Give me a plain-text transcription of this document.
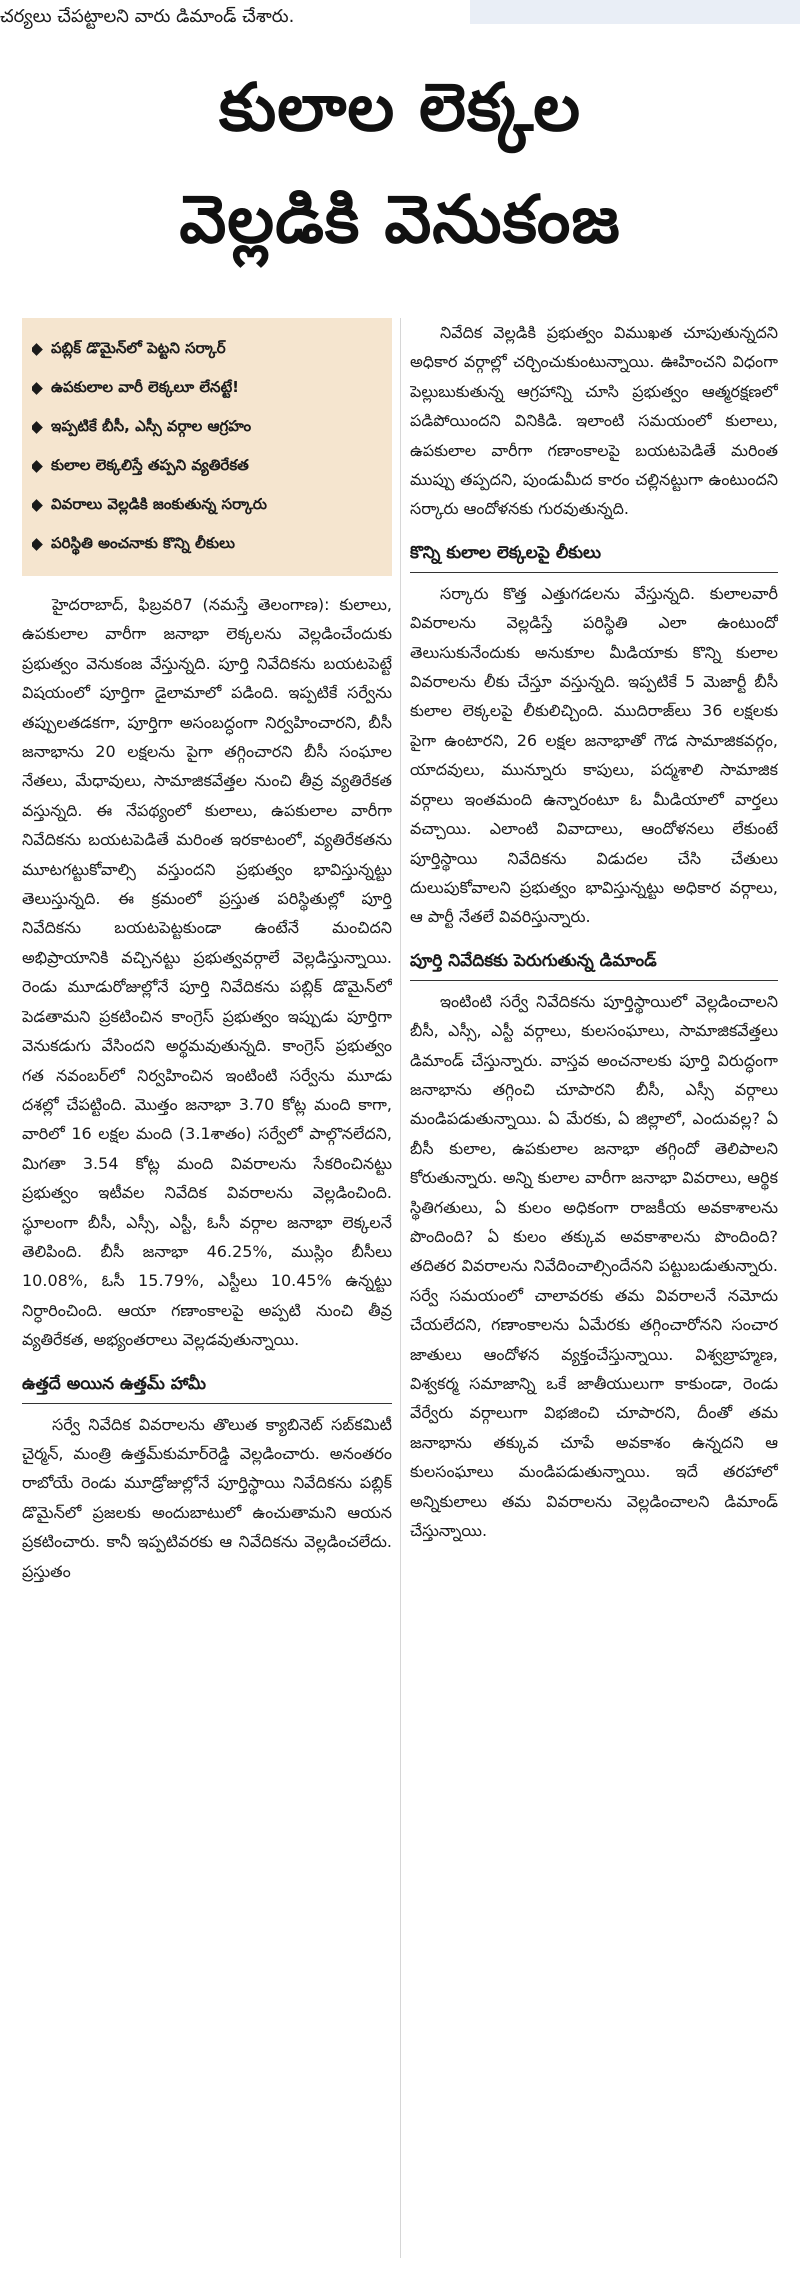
చర్యలు చేపట్టాలని వారు డిమాండ్ చేశారు.
కులాల లెక్కల
వెల్లడికి వెనుకంజ
పబ్లిక్ డొమైన్‌లో పెట్టని సర్కార్
ఉపకులాల వారీ లెక్కలూ లేనట్టే!
ఇప్పటికే బీసీ, ఎస్సీ వర్గాల ఆగ్రహం
కులాల లెక్కలిస్తే తప్పని వ్యతిరేకత
వివరాలు వెల్లడికి జంకుతున్న సర్కారు
పరిస్థితి అంచనాకు కొన్ని లీకులు

హైదరాబాద్, ఫిబ్రవరి7 (నమస్తే తెలంగాణ): కులాలు, ఉపకులాల వారీగా జనాభా లెక్కలను వెల్లడించేందుకు ప్రభుత్వం వెనుకంజ వేస్తున్నది. పూర్తి నివేదికను బయటపెట్టే విషయంలో పూర్తిగా డైలామాలో పడింది. ఇప్పటికే సర్వేను తప్పులతడకగా, పూర్తిగా అసంబద్ధంగా నిర్వహించారని, బీసీ జనాభాను 20 లక్షలను పైగా తగ్గించారని బీసీ సంఘాల నేతలు, మేధావులు, సామాజికవేత్తల నుంచి తీవ్ర వ్యతిరేకత వస్తున్నది. ఈ నేపథ్యంలో కులాలు, ఉపకులాల వారీగా నివేదికను బయటపెడితే మరింత ఇరకాటంలో, వ్యతిరేకతను మూటగట్టుకోవాల్సి వస్తుందని ప్రభుత్వం భావిస్తున్నట్టు తెలుస్తున్నది. ఈ క్రమంలో ప్రస్తుత పరిస్థితుల్లో పూర్తి నివేదికను బయటపెట్టకుండా ఉంటేనే మంచిదని అభిప్రాయానికి వచ్చినట్టు ప్రభుత్వవర్గాలే వెల్లడిస్తున్నాయి. రెండు మూడురోజుల్లోనే పూర్తి నివేదికను పబ్లిక్ డొమైన్‌లో పెడతామని ప్రకటించిన కాంగ్రెస్ ప్రభుత్వం ఇప్పుడు పూర్తిగా వెనుకడుగు వేసిందని అర్థమవుతున్నది. కాంగ్రెస్ ప్రభుత్వం గత నవంబర్‌లో నిర్వహించిన ఇంటింటి సర్వేను మూడు దశల్లో చేపట్టింది. మొత్తం జనాభా 3.70 కోట్ల మంది కాగా, వారిలో 16 లక్షల మంది (3.1శాతం) సర్వేలో పాల్గొనలేదని, మిగతా 3.54 కోట్ల మంది వివరాలను సేకరించినట్టు ప్రభుత్వం ఇటీవల నివేదిక వివరాలను వెల్లడించింది. స్థూలంగా బీసీ, ఎస్సీ, ఎస్టీ, ఓసీ వర్గాల జనాభా లెక్కలనే తెలిపింది. బీసీ జనాభా 46.25%, ముస్లిం బీసీలు 10.08%, ఓసీ 15.79%, ఎస్టీలు 10.45% ఉన్నట్టు నిర్ధారించింది. ఆయా గణాంకాలపై అప్పటి నుంచి తీవ్ర వ్యతిరేకత, అభ్యంతరాలు వెల్లడవుతున్నాయి.

ఉత్తదే అయిన ఉత్తమ్ హామీ

సర్వే నివేదిక వివరాలను తొలుత క్యాబినెట్ సబ్‌కమిటీ చైర్మన్, మంత్రి ఉత్తమ్‌కుమార్‌రెడ్డి వెల్లడించారు. అనంతరం రాబోయే రెండు మూడ్రోజుల్లోనే పూర్తిస్థాయి నివేదికను పబ్లిక్ డొమైన్‌లో ప్రజలకు అందుబాటులో ఉంచుతామని ఆయన ప్రకటించారు. కానీ ఇప్పటివరకు ఆ నివేదికను వెల్లడించలేదు. ప్రస్తుతం

నివేదిక వెల్లడికి ప్రభుత్వం విముఖత చూపుతున్నదని అధికార వర్గాల్లో చర్చించుకుంటున్నాయి. ఊహించని విధంగా పెల్లుబుకుతున్న ఆగ్రహాన్ని చూసి ప్రభుత్వం ఆత్మరక్షణలో పడిపోయిందని వినికిడి. ఇలాంటి సమయంలో కులాలు, ఉపకులాల వారీగా గణాంకాలపై బయటపెడితే మరింత ముప్పు తప్పదని, పుండుమీద కారం చల్లినట్టుగా ఉంటుందని సర్కారు ఆందోళనకు గురవుతున్నది.

కొన్ని కులాల లెక్కలపై లీకులు

సర్కారు కొత్త ఎత్తుగడలను వేస్తున్నది. కులాలవారీ వివరాలను వెల్లడిస్తే పరిస్థితి ఎలా ఉంటుందో తెలుసుకునేందుకు అనుకూల మీడియాకు కొన్ని కులాల వివరాలను లీకు చేస్తూ వస్తున్నది. ఇప్పటికే 5 మెజార్టీ బీసీ కులాల లెక్కలపై లీకులిచ్చింది. ముదిరాజ్‌లు 36 లక్షలకు పైగా ఉంటారని, 26 లక్షల జనాభాతో గౌడ సామాజికవర్గం, యాదవులు, మున్నూరు కాపులు, పద్మశాలి సామాజిక వర్గాలు ఇంతమంది ఉన్నారంటూ ఓ మీడియాలో వార్తలు వచ్చాయి. ఎలాంటి వివాదాలు, ఆందోళనలు లేకుంటే పూర్తిస్థాయి నివేదికను విడుదల చేసి చేతులు దులుపుకోవాలని ప్రభుత్వం భావిస్తున్నట్టు అధికార వర్గాలు, ఆ పార్టీ నేతలే వివరిస్తున్నారు.

పూర్తి నివేదికకు పెరుగుతున్న డిమాండ్

ఇంటింటి సర్వే నివేదికను పూర్తిస్థాయిలో వెల్లడించాలని బీసీ, ఎస్సీ, ఎస్టీ వర్గాలు, కులసంఘాలు, సామాజికవేత్తలు డిమాండ్ చేస్తున్నారు. వాస్తవ అంచనాలకు పూర్తి విరుద్ధంగా జనాభాను తగ్గించి చూపారని బీసీ, ఎస్సీ వర్గాలు మండిపడుతున్నాయి. ఏ మేరకు, ఏ జిల్లాలో, ఎందువల్ల? ఏ బీసీ కులాల, ఉపకులాల జనాభా తగ్గిందో తెలిపాలని కోరుతున్నారు. అన్ని కులాల వారీగా జనాభా వివరాలు, ఆర్థిక స్థితిగతులు, ఏ కులం అధికంగా రాజకీయ అవకాశాలను పొందింది? ఏ కులం తక్కువ అవకాశాలను పొందింది? తదితర వివరాలను నివేదించాల్సిందేనని పట్టుబడుతున్నారు. సర్వే సమయంలో చాలావరకు తమ వివరాలనే నమోదు చేయలేదని, గణాంకాలను ఏమేరకు తగ్గించారోనని సంచార జాతులు ఆందోళన వ్యక్తంచేస్తున్నాయి. విశ్వబ్రాహ్మణ, విశ్వకర్మ సమాజాన్ని ఒకే జాతీయులుగా కాకుండా, రెండు వేర్వేరు వర్గాలుగా విభజించి చూపారని, దీంతో తమ జనాభాను తక్కువ చూపే అవకాశం ఉన్నదని ఆ కులసంఘాలు మండిపడుతున్నాయి. ఇదే తరహాలో అన్నికులాలు తమ వివరాలను వెల్లడించాలని డిమాండ్ చేస్తున్నాయి.
